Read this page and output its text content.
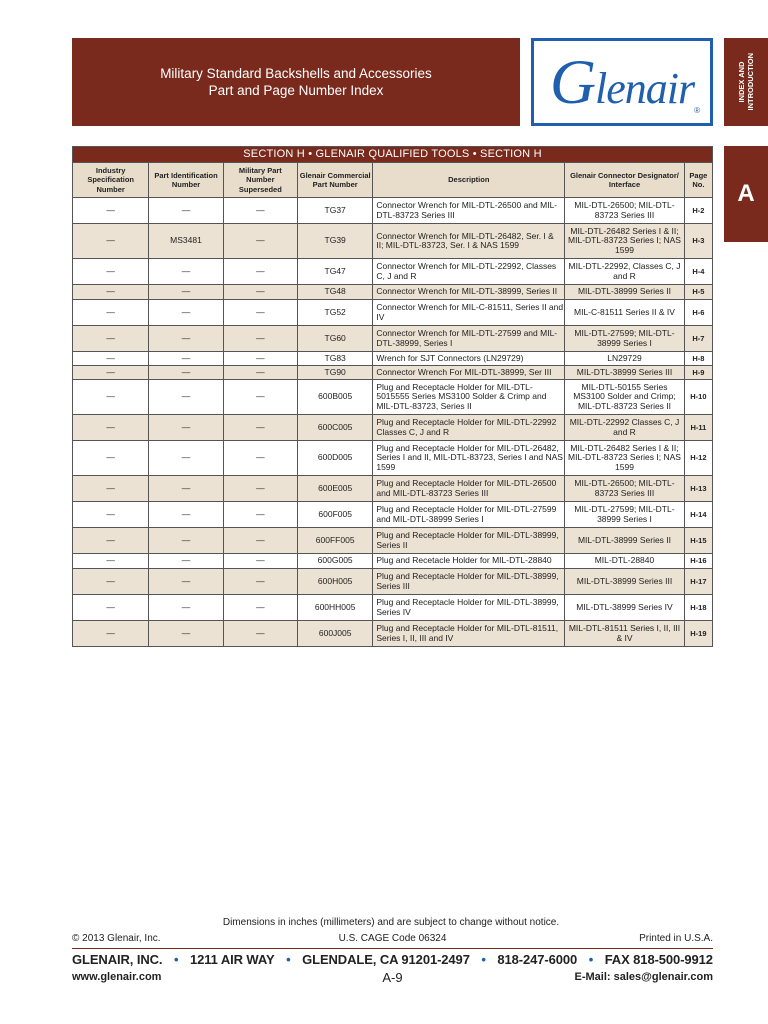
Military Standard Backshells and Accessories
Part and Page Number Index	Glenair ®
INDEX AND
INTRODUCTION
A
SECTION H • GLENAIR QUALIFIED TOOLS • SECTION H						
Industry Specification Number	Part Identification Number	Military Part Number Superseded	Glenair Commercial Part Number	Description	Glenair Connector Designator/ Interface	Page No.
—	—	—	TG37	Connector Wrench for MIL-DTL-26500 and MIL-DTL-83723 Series III	MIL-DTL-26500; MIL-DTL-83723 Series III	H-2
—	MS3481	—	TG39	Connector Wrench for MIL-DTL-26482, Ser. I & II; MIL-DTL-83723, Ser. I & NAS 1599	MIL-DTL-26482 Series I & II; MIL-DTL-83723 Series I; NAS 1599	H-3
—	—	—	TG47	Connector Wrench for MIL-DTL-22992, Classes C, J and R	MIL-DTL-22992, Classes C, J and R	H-4
—	—	—	TG48	Connector Wrench for MIL-DTL-38999, Series II	MIL-DTL-38999 Series II	H-5
—	—	—	TG52	Connector Wrench for MIL-C-81511, Series II and IV	MIL-C-81511 Series II & IV	H-6
—	—	—	TG60	Connector Wrench for MIL-DTL-27599 and MIL-DTL-38999, Series I	MIL-DTL-27599; MIL-DTL-38999 Series I	H-7
—	—	—	TG83	Wrench for SJT Connectors (LN29729)	LN29729	H-8
—	—	—	TG90	Connector Wrench For MIL-DTL-38999, Ser III	MIL-DTL-38999 Series III	H-9
—	—	—	600B005	Plug and Receptacle Holder for MIL-DTL-5015555 Series MS3100 Solder & Crimp and MIL-DTL-83723, Series II	MIL-DTL-50155 Series MS3100 Solder and Crimp; MIL-DTL-83723 Series II	H-10
—	—	—	600C005	Plug and Receptacle Holder for MIL-DTL-22992 Classes C, J and R	MIL-DTL-22992 Classes C, J and R	H-11
—	—	—	600D005	Plug and Receptacle Holder for MIL-DTL-26482, Series I and II, MIL-DTL-83723, Series I and NAS 1599	MIL-DTL-26482 Series I & II; MIL-DTL-83723 Series I; NAS 1599	H-12
—	—	—	600E005	Plug and Receptacle Holder for MIL-DTL-26500 and MIL-DTL-83723 Series III	MIL-DTL-26500; MIL-DTL-83723 Series III	H-13
—	—	—	600F005	Plug and Receptacle Holder for MIL-DTL-27599 and MIL-DTL-38999 Series I	MIL-DTL-27599; MIL-DTL-38999 Series I	H-14
—	—	—	600FF005	Plug and Receptacle Holder for MIL-DTL-38999, Series II	MIL-DTL-38999 Series II	H-15
—	—	—	600G005	Plug and Recetacle Holder for MIL-DTL-28840	MIL-DTL-28840	H-16
—	—	—	600H005	Plug and Receptacle Holder for MIL-DTL-38999, Series III	MIL-DTL-38999 Series III	H-17
—	—	—	600HH005	Plug and Receptacle Holder for MIL-DTL-38999, Series IV	MIL-DTL-38999 Series IV	H-18
—	—	—	600J005	Plug and Receptacle Holder for MIL-DTL-81511, Series I, II, III and IV	MIL-DTL-81511 Series I, II, III & IV	H-19
Dimensions in inches (millimeters) and are subject to change without notice.
© 2013 Glenair, Inc.	U.S. CAGE Code 06324	Printed in U.S.A.
GLENAIR, INC. • 1211 AIR WAY • GLENDALE, CA 91201-2497 • 818-247-6000 • FAX 818-500-9912
www.glenair.com	A-9	E-Mail: sales@glenair.com
